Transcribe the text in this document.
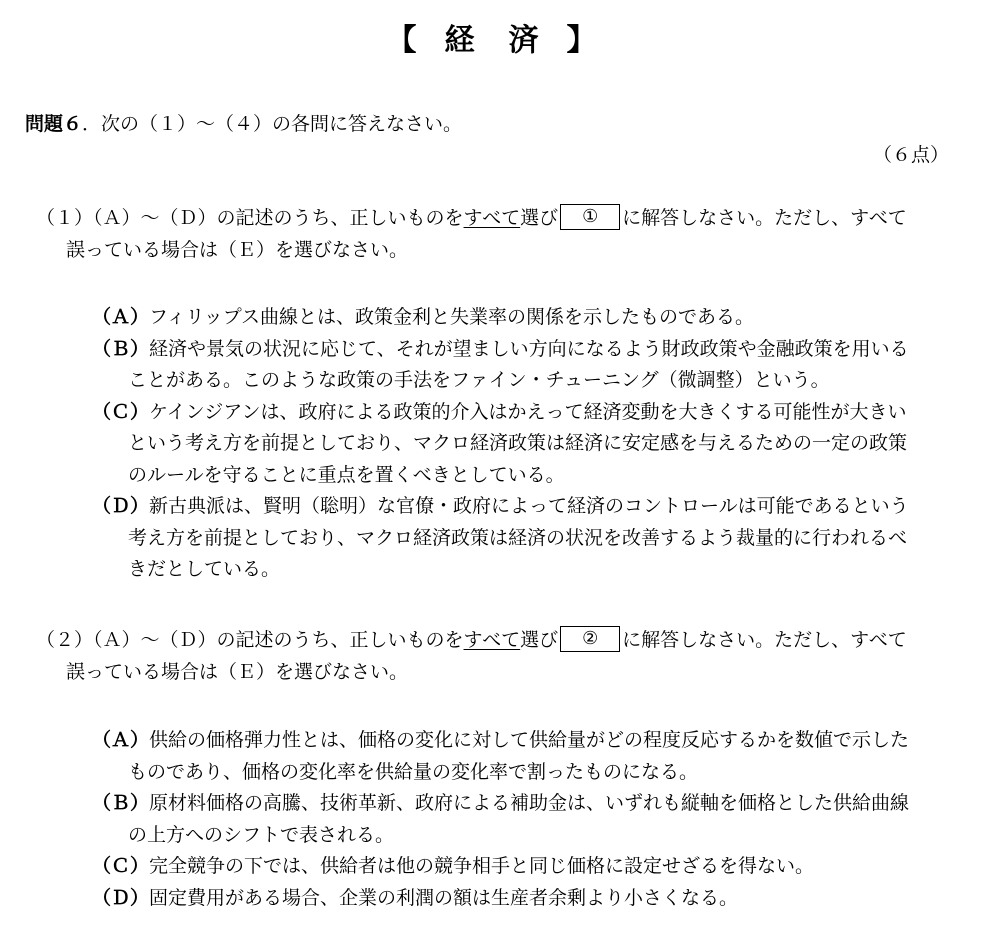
【 経　済 】
問題６．次の（１）～（４）の各問に答えなさい。
（６点）
（１）（Ａ）～（Ｄ）の記述のうち、正しいものをすべて選び ① に解答しなさい。ただし、すべて
誤っている場合は（Ｅ）を選びなさい。
（Ａ）フィリップス曲線とは、政策金利と失業率の関係を示したものである。
（Ｂ）経済や景気の状況に応じて、それが望ましい方向になるよう財政政策や金融政策を用いる
ことがある。このような政策の手法をファイン・チューニング（微調整）という。
（Ｃ）ケインジアンは、政府による政策的介入はかえって経済変動を大きくする可能性が大きい
という考え方を前提としており、マクロ経済政策は経済に安定感を与えるための一定の政策
のルールを守ることに重点を置くべきとしている。
（Ｄ）新古典派は、賢明（聡明）な官僚・政府によって経済のコントロールは可能であるという
考え方を前提としており、マクロ経済政策は経済の状況を改善するよう裁量的に行われるべ
きだとしている。
（２）（Ａ）～（Ｄ）の記述のうち、正しいものをすべて選び ② に解答しなさい。ただし、すべて
誤っている場合は（Ｅ）を選びなさい。
（Ａ）供給の価格弾力性とは、価格の変化に対して供給量がどの程度反応するかを数値で示した
ものであり、価格の変化率を供給量の変化率で割ったものになる。
（Ｂ）原材料価格の高騰、技術革新、政府による補助金は、いずれも縦軸を価格とした供給曲線
の上方へのシフトで表される。
（Ｃ）完全競争の下では、供給者は他の競争相手と同じ価格に設定せざるを得ない。
（Ｄ）固定費用がある場合、企業の利潤の額は生産者余剰より小さくなる。
